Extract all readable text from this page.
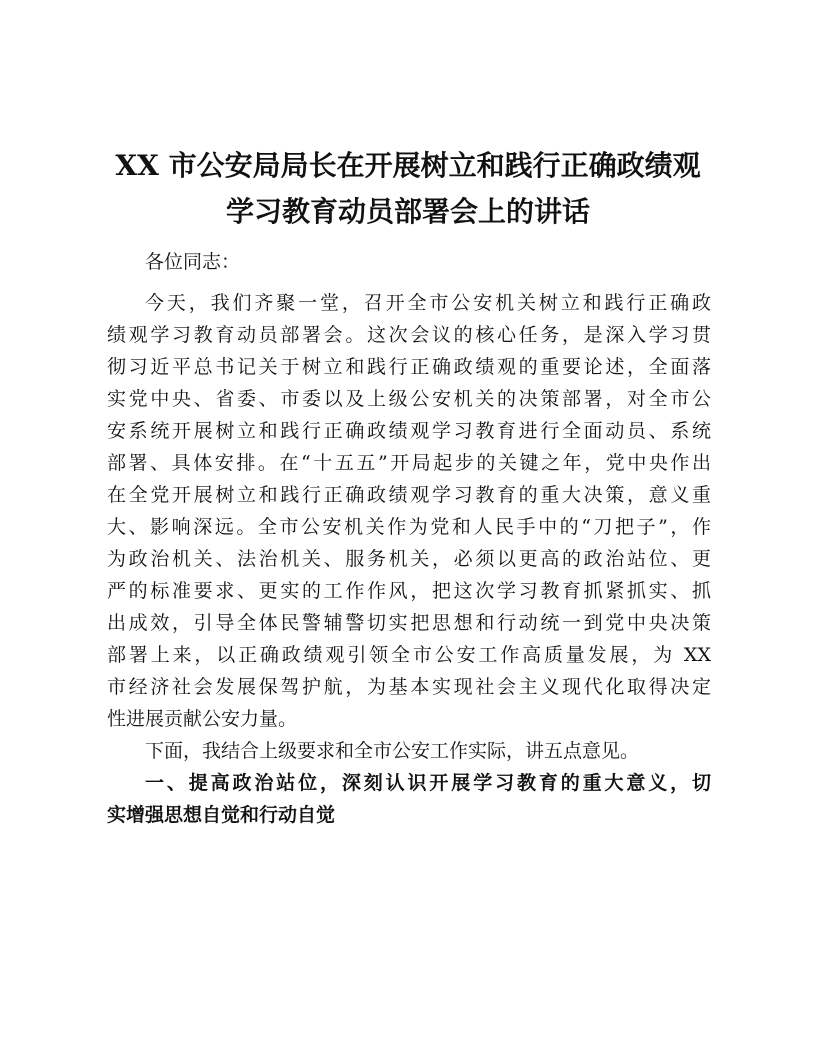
XX 市公安局局长在开展树立和践行正确政绩观
学习教育动员部署会上的讲话
各位同志：
今天，我们齐聚一堂，召开全市公安机关树立和践行正确政
绩观学习教育动员部署会。这次会议的核心任务，是深入学习贯
彻习近平总书记关于树立和践行正确政绩观的重要论述，全面落
实党中央、省委、市委以及上级公安机关的决策部署，对全市公
安系统开展树立和践行正确政绩观学习教育进行全面动员、系统
部署、具体安排。在“十五五”开局起步的关键之年，党中央作出
在全党开展树立和践行正确政绩观学习教育的重大决策，意义重
大、影响深远。全市公安机关作为党和人民手中的“刀把子”，作
为政治机关、法治机关、服务机关，必须以更高的政治站位、更
严的标准要求、更实的工作作风，把这次学习教育抓紧抓实、抓
出成效，引导全体民警辅警切实把思想和行动统一到党中央决策
部署上来，以正确政绩观引领全市公安工作高质量发展，为 XX
市经济社会发展保驾护航，为基本实现社会主义现代化取得决定
性进展贡献公安力量。
下面，我结合上级要求和全市公安工作实际，讲五点意见。
一、提高政治站位，深刻认识开展学习教育的重大意义，切
实增强思想自觉和行动自觉
